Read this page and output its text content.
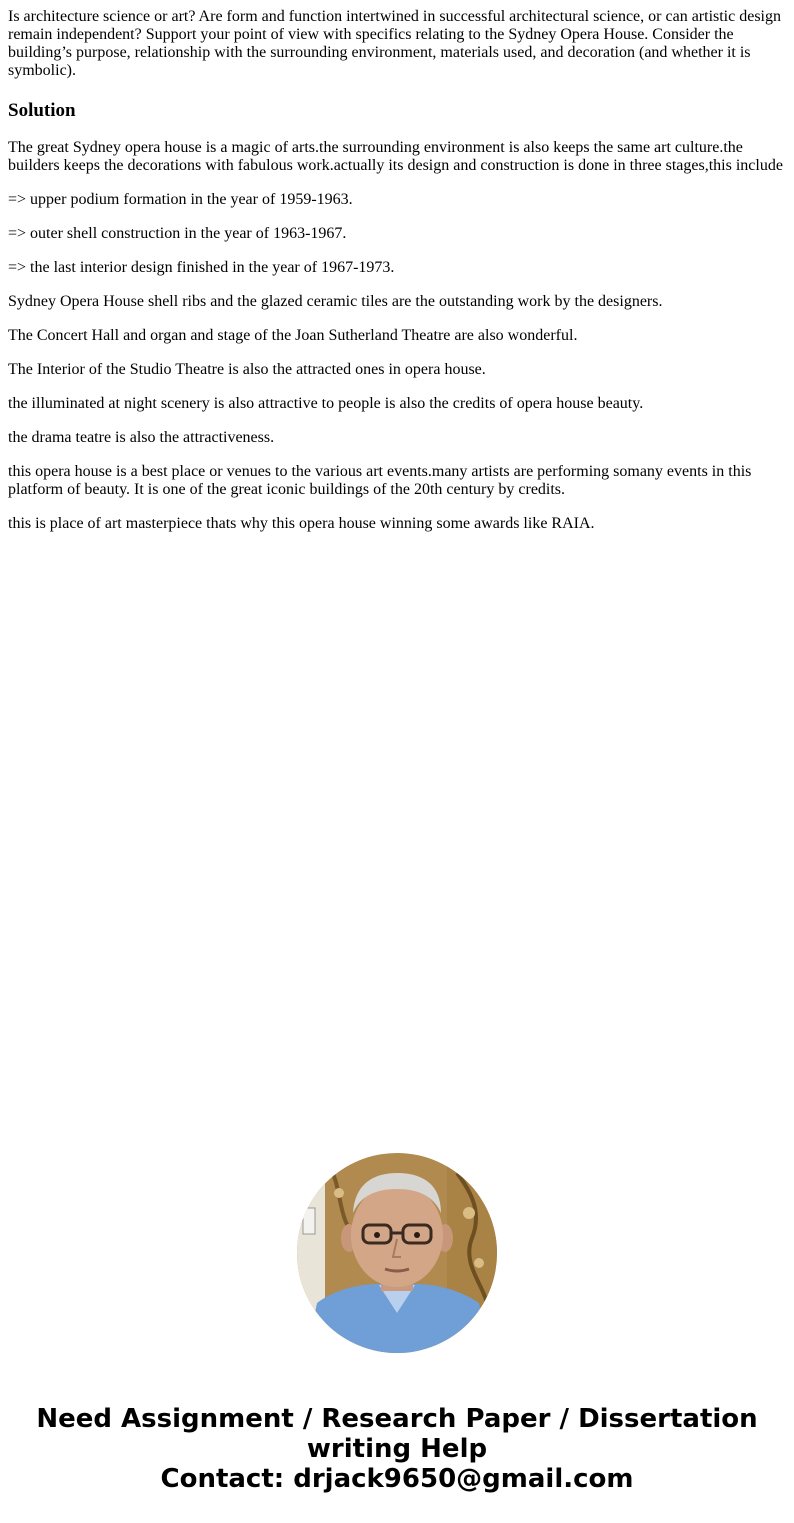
Is architecture science or art? Are form and function intertwined in successful architectural science, or can artistic design remain independent? Support your point of view with specifics relating to the Sydney Opera House. Consider the building’s purpose, relationship with the surrounding environment, materials used, and decoration (and whether it is symbolic).

Solution

The great Sydney opera house is a magic of arts.the surrounding environment is also keeps the same art culture.the builders keeps the decorations with fabulous work.actually its design and construction is done in three stages,this include

=> upper podium formation in the year of 1959-1963.

=> outer shell construction in the year of 1963-1967.

=> the last interior design finished in the year of 1967-1973.

Sydney Opera House shell ribs and the glazed ceramic tiles are the outstanding work by the designers.

The Concert Hall and organ and stage of the Joan Sutherland Theatre are also wonderful.

The Interior of the Studio Theatre is also the attracted ones in opera house.

the illuminated at night scenery is also attractive to people is also the credits of opera house beauty.

the drama teatre is also the attractiveness.

this opera house is a best place or venues to the various art events.many artists are performing somany events in this platform of beauty. It is one of the great iconic buildings of the 20th century by credits.

this is place of art masterpiece thats why this opera house winning some awards like RAIA.

Need Assignment / Research Paper / Dissertation
writing Help
Contact: drjack9650@gmail.com
